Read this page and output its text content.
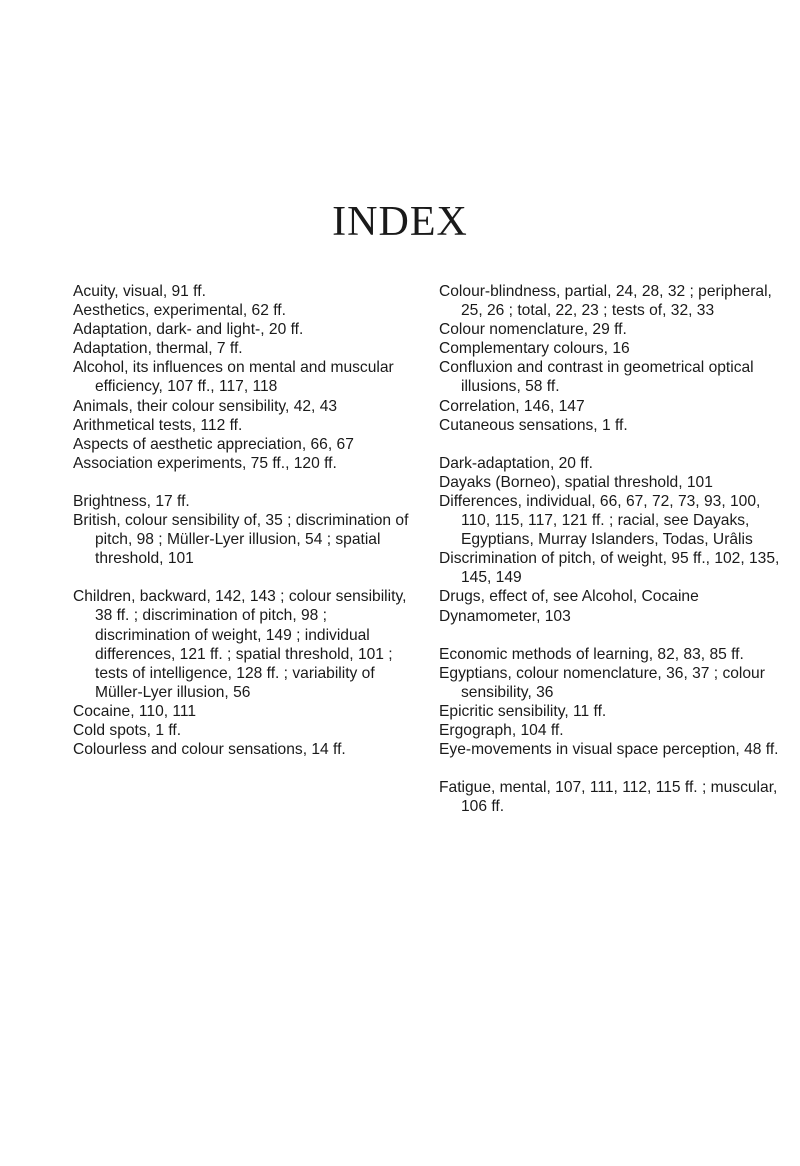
INDEX
Acuity, visual, 91 ff.
Aesthetics, experimental, 62 ff.
Adaptation, dark- and light-, 20 ff.
Adaptation, thermal, 7 ff.
Alcohol, its influences on mental and muscular efficiency, 107 ff., 117, 118
Animals, their colour sensibility, 42, 43
Arithmetical tests, 112 ff.
Aspects of aesthetic appreciation, 66, 67
Association experiments, 75 ff., 120 ff.
Brightness, 17 ff.
British, colour sensibility of, 35 ; discrimination of pitch, 98 ; Müller-Lyer illusion, 54 ; spatial threshold, 101
Children, backward, 142, 143 ; colour sensibility, 38 ff. ; discrimination of pitch, 98 ; discrimination of weight, 149 ; individual differences, 121 ff. ; spatial threshold, 101 ; tests of intelligence, 128 ff. ; variability of Müller-Lyer illusion, 56
Cocaine, 110, 111
Cold spots, 1 ff.
Colourless and colour sensations, 14 ff.
Colour-blindness, partial, 24, 28, 32 ; peripheral, 25, 26 ; total, 22, 23 ; tests of, 32, 33
Colour nomenclature, 29 ff.
Complementary colours, 16
Confluxion and contrast in geometrical optical illusions, 58 ff.
Correlation, 146, 147
Cutaneous sensations, 1 ff.
Dark-adaptation, 20 ff.
Dayaks (Borneo), spatial threshold, 101
Differences, individual, 66, 67, 72, 73, 93, 100, 110, 115, 117, 121 ff. ; racial, see Dayaks, Egyptians, Murray Islanders, Todas, Urâlis
Discrimination of pitch, of weight, 95 ff., 102, 135, 145, 149
Drugs, effect of, see Alcohol, Cocaine
Dynamometer, 103
Economic methods of learning, 82, 83, 85 ff.
Egyptians, colour nomenclature, 36, 37 ; colour sensibility, 36
Epicritic sensibility, 11 ff.
Ergograph, 104 ff.
Eye-movements in visual space perception, 48 ff.
Fatigue, mental, 107, 111, 112, 115 ff. ; muscular, 106 ff.
